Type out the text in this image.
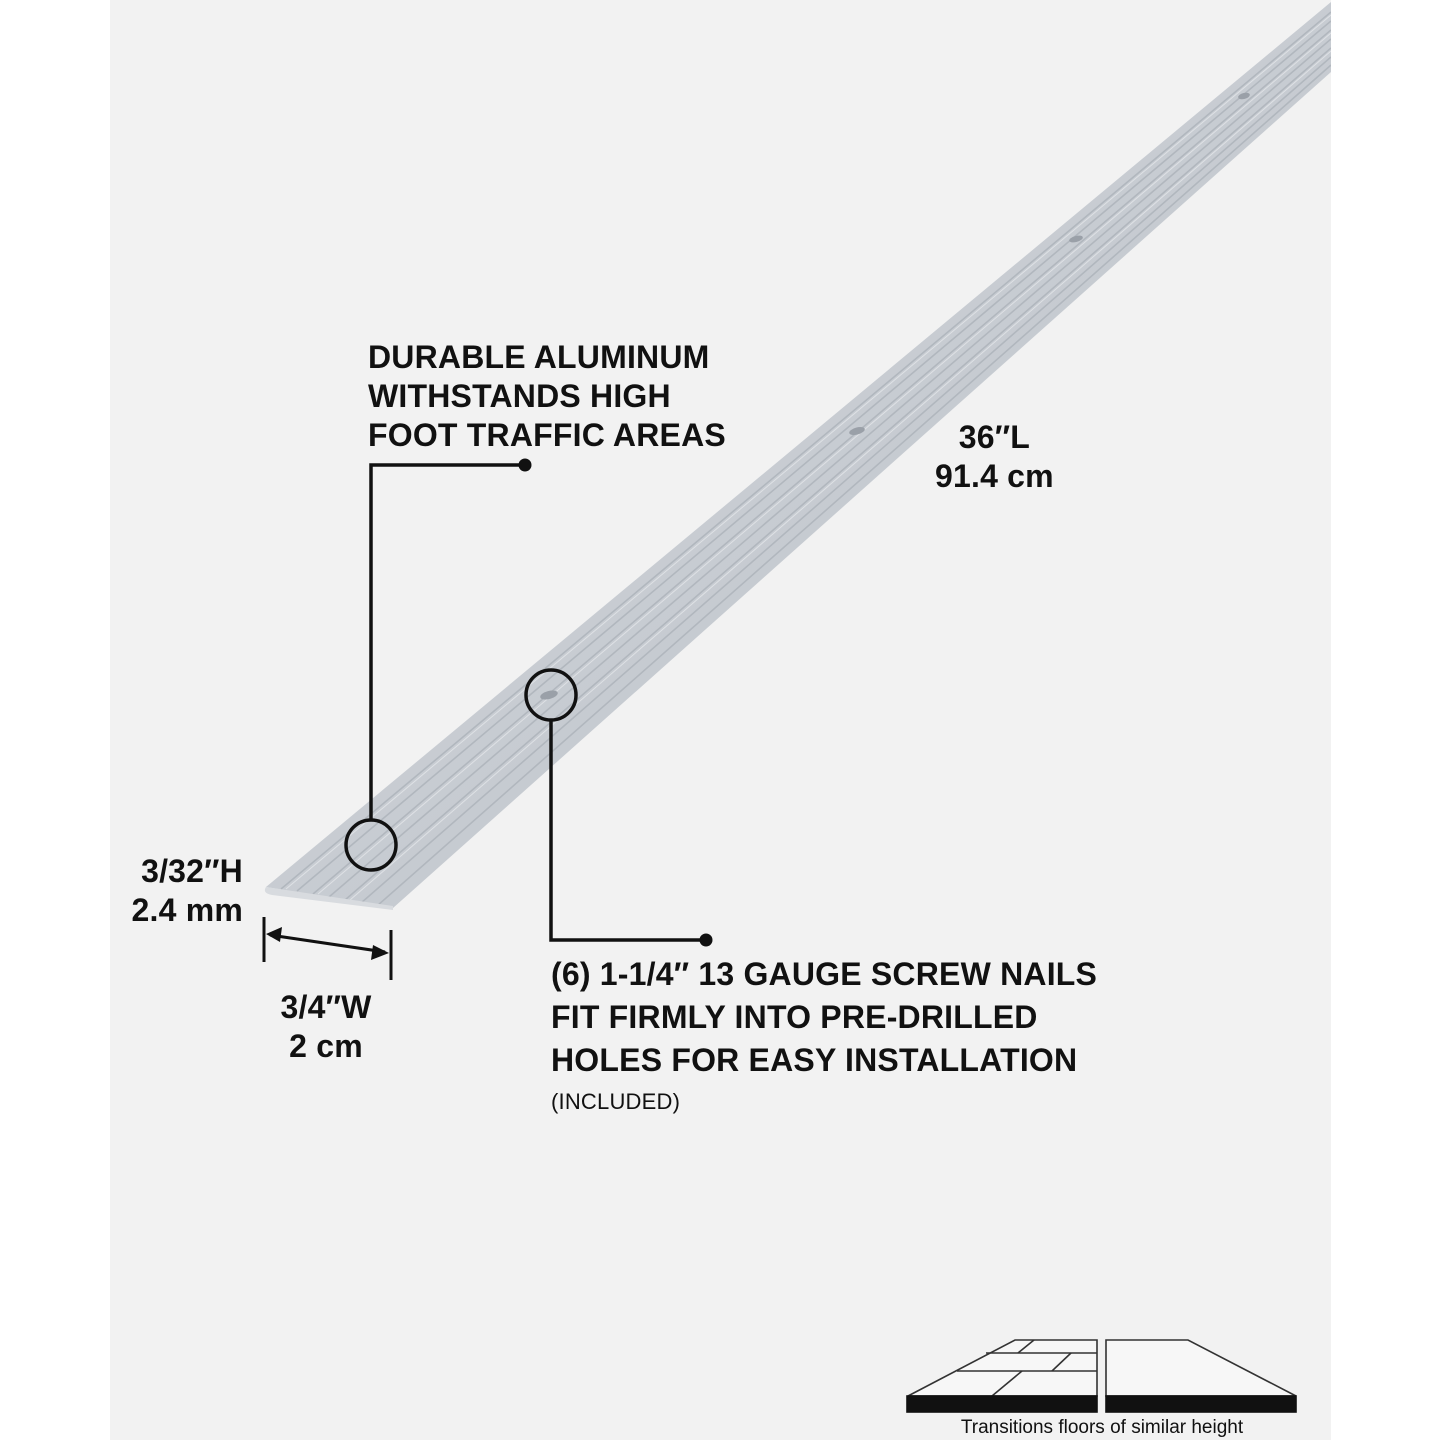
DURABLE ALUMINUM
WITHSTANDS HIGH
FOOT TRAFFIC AREAS	36″L
91.4 cm
3/32″H
2.4 mm
3/4″W
2 cm
(6) 1-1/4″ 13 GAUGE SCREW NAILS
FIT FIRMLY INTO PRE-DRILLED
HOLES FOR EASY INSTALLATION
(INCLUDED)
Transitions floors of similar height
